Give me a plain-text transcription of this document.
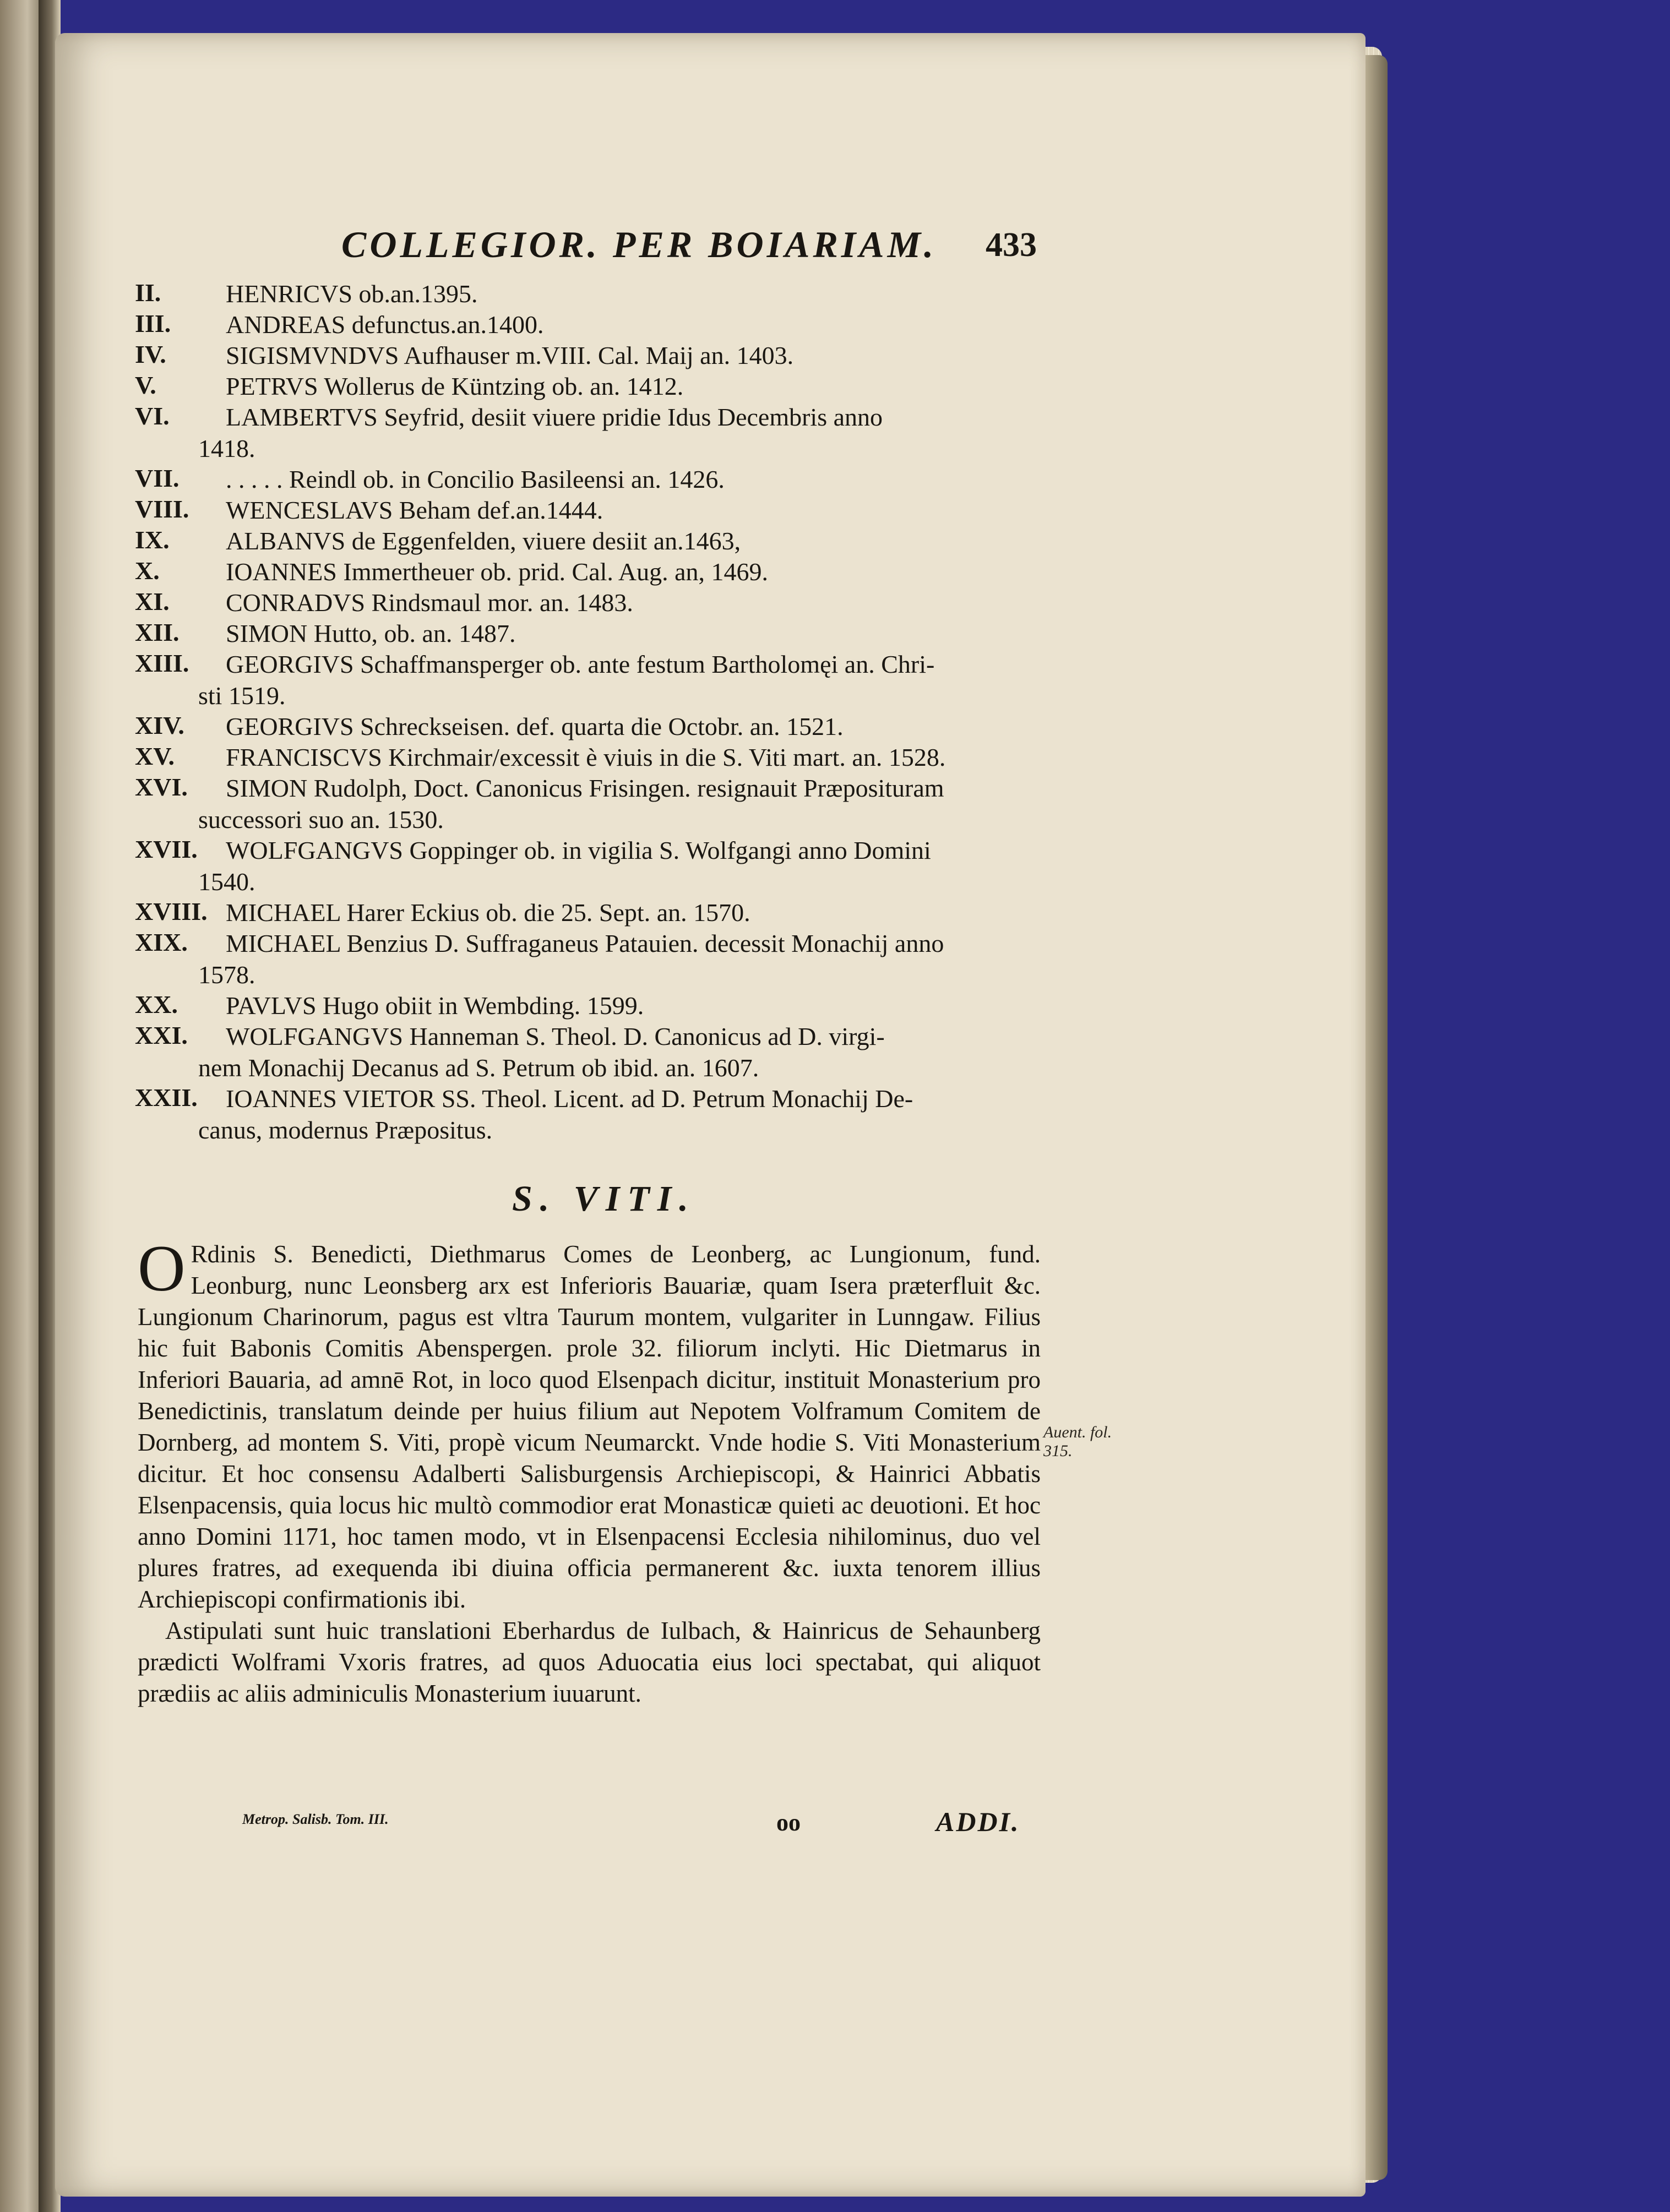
COLLEGIOR. PER BOIARIAM. 433
II.	HENRICVS ob.an.1395.
III. ANDREAS defunctus.an.1400.
IV. SIGISMVNDVS Aufhauser m.VIII. Cal. Maij an. 1403.
V.	PETRVS Wollerus de Küntzing ob. an. 1412.
VI. LAMBERTVS Seyfrid, desiit viuere pridie Idus Decembris anno
1418.
VII. . . . . . Reindl ob. in Concilio Basileensi an. 1426.
VIII. WENCESLAVS Beham def.an.1444.
IX. ALBANVS de Eggenfelden, viuere desiit an.1463,
X.	IOANNES Immertheuer ob. prid. Cal. Aug. an, 1469.
XI. CONRADVS Rindsmaul mor. an. 1483.
XII. SIMON Hutto, ob. an. 1487.
XIII. GEORGIVS Schaffmansperger ob. ante festum Bartholomęi an. Chri-
sti 1519.
XIV. GEORGIVS Schreckseisen. def. quarta die Octobr. an. 1521.
XV. FRANCISCVS Kirchmair/excessit è viuis in die S. Viti mart. an. 1528.
XVI. SIMON Rudolph, Doct. Canonicus Frisingen. resignauit Præposituram
successori suo an. 1530.
XVII. WOLFGANGVS Goppinger ob. in vigilia S. Wolfgangi anno Domini
1540.
XVIII. MICHAEL Harer Eckius ob. die 25. Sept. an. 1570.
XIX. MICHAEL Benzius D. Suffraganeus Patauien. decessit Monachij anno
1578.
XX. PAVLVS Hugo obiit in Wembding. 1599.
XXI. WOLFGANGVS Hanneman S. Theol. D. Canonicus ad D. virgi-
nem Monachij Decanus ad S. Petrum ob ibid. an. 1607.
XXII. IOANNES VIETOR SS. Theol. Licent. ad D. Petrum Monachij De-
canus, modernus Præpositus.
S. VITI.

O Rdinis S. Benedicti, Diethmarus Comes de Leonberg, ac Lungionum, fund. Leonburg, nunc Leonsberg arx est Inferioris Bauariæ, quam Isera præterfluit &c. Lungionum Charinorum, pagus est vltra Taurum montem, vulgariter in Lunngaw. Filius hic fuit Babonis Comitis Abenspergen. prole 32. filiorum inclyti. Hic Dietmarus in Inferiori Bauaria, ad amnē Rot, in loco quod Elsenpach dicitur, instituit Monasterium pro Benedictinis, translatum deinde per huius filium aut Nepotem Volframum Comitem de Dornberg, ad montem S. Viti, propè vicum Neumarckt. Vnde hodie S. Viti Monasterium dicitur. Et hoc consensu Adalberti Salisburgensis Archiepiscopi, & Hainrici Abbatis Elsenpacensis, quia locus hic multò commodior erat Monasticæ quieti ac deuotioni. Et hoc anno Domini 1171, hoc tamen modo, vt in Elsenpacensi Ecclesia nihilominus, duo vel plures fratres, ad exequenda ibi diuina officia permanerent &c. iuxta tenorem illius Archiepiscopi confirmationis ibi.

Astipulati sunt huic translationi Eberhardus de Iulbach, & Hainricus de Sehaunberg prædicti Wolframi Vxoris fratres, ad quos Aduocatia eius loci spectabat, qui aliquot prædiis ac aliis adminiculis Monasterium iuuarunt.

Auent. fol.
315.
Metrop. Salisb. Tom. III.	oo	ADDI.
